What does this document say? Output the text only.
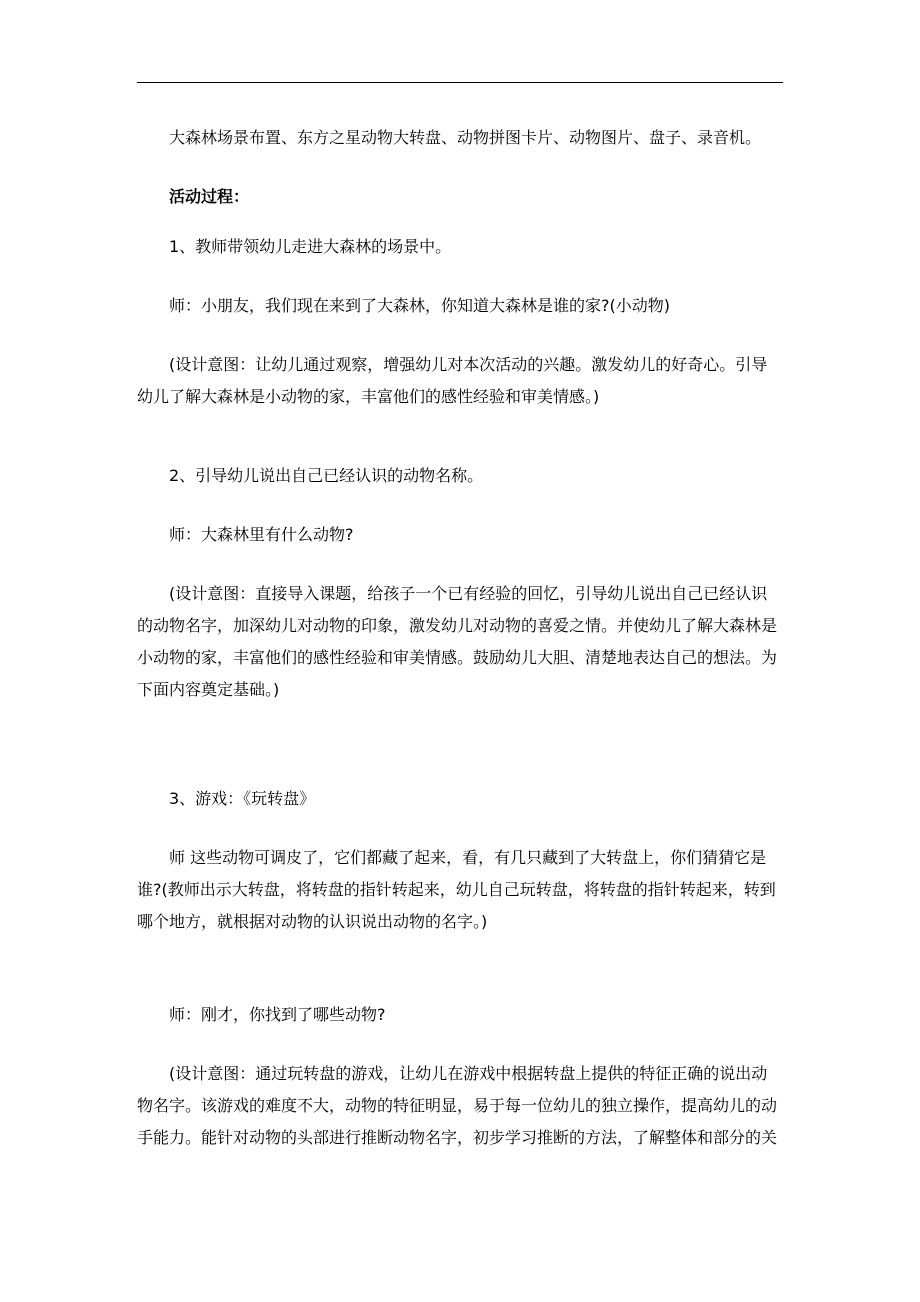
大森林场景布置、东方之星动物大转盘、动物拼图卡片、动物图片、盘子、录音机。

活动过程：

1、教师带领幼儿走进大森林的场景中。

师：小朋友，我们现在来到了大森林，你知道大森林是谁的家?(小动物)

(设计意图：让幼儿通过观察，增强幼儿对本次活动的兴趣。激发幼儿的好奇心。引导幼儿了解大森林是小动物的家，丰富他们的感性经验和审美情感。)

2、引导幼儿说出自己已经认识的动物名称。

师：大森林里有什么动物?

(设计意图：直接导入课题，给孩子一个已有经验的回忆，引导幼儿说出自己已经认识的动物名字，加深幼儿对动物的印象，激发幼儿对动物的喜爱之情。并使幼儿了解大森林是小动物的家，丰富他们的感性经验和审美情感。鼓励幼儿大胆、清楚地表达自己的想法。为下面内容奠定基础。)

3、游戏：《玩转盘》

师 这些动物可调皮了，它们都藏了起来，看，有几只藏到了大转盘上，你们猜猜它是谁?(教师出示大转盘，将转盘的指针转起来，幼儿自己玩转盘，将转盘的指针转起来，转到哪个地方，就根据对动物的认识说出动物的名字。)

师：刚才，你找到了哪些动物?

(设计意图：通过玩转盘的游戏，让幼儿在游戏中根据转盘上提供的特征正确的说出动物名字。该游戏的难度不大，动物的特征明显，易于每一位幼儿的独立操作，提高幼儿的动手能力。能针对动物的头部进行推断动物名字，初步学习推断的方法，了解整体和部分的关
